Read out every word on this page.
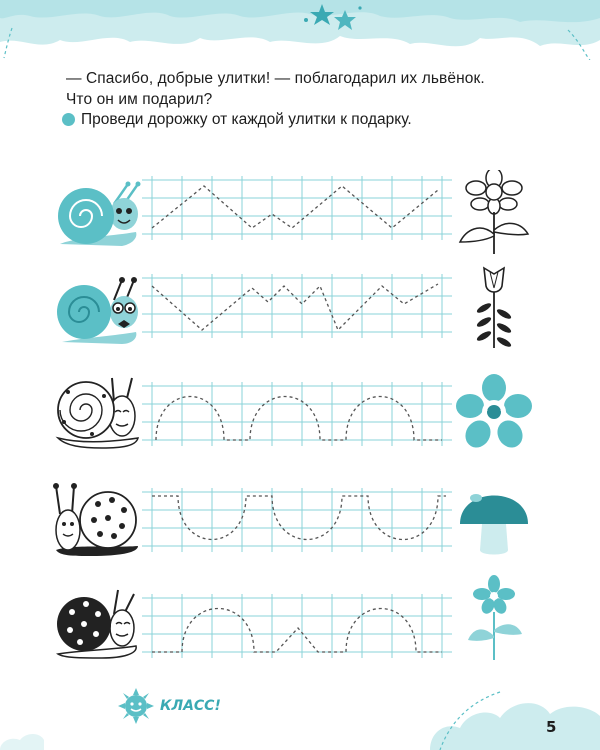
— Спасибо, добрые улитки! — поблагодарил их львёнок.
Что он им подарил?
Проведи дорожку от каждой улитки к подарку.
КЛАСС!
5
